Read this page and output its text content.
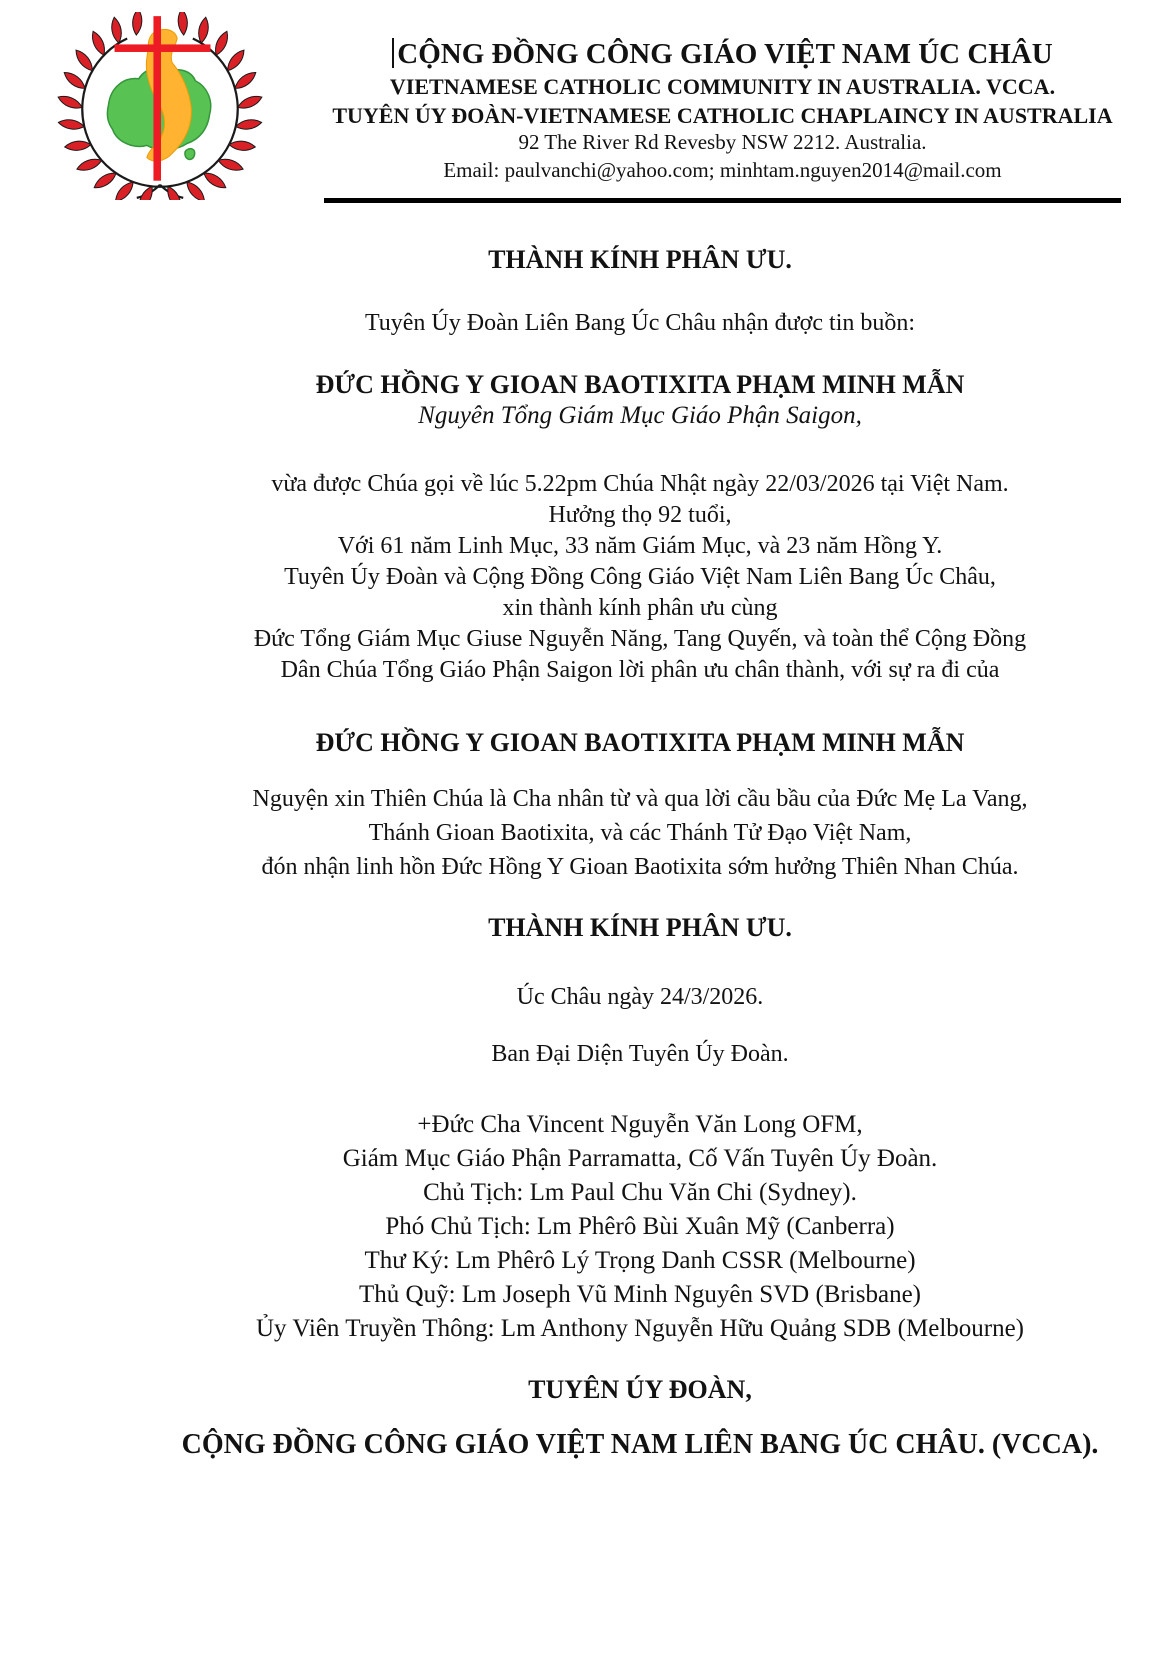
CỘNG ĐỒNG CÔNG GIÁO VIỆT NAM ÚC CHÂU
VIETNAMESE CATHOLIC COMMUNITY IN AUSTRALIA. VCCA.
TUYÊN ÚY ĐOÀN-VIETNAMESE CATHOLIC CHAPLAINCY IN AUSTRALIA
92 The River Rd Revesby NSW 2212. Australia.
Email: paulvanchi@yahoo.com; minhtam.nguyen2014@mail.com

THÀNH KÍNH PHÂN ƯU.

Tuyên Úy Đoàn Liên Bang Úc Châu nhận được tin buồn:

ĐỨC HỒNG Y GIOAN BAOTIXITA PHẠM MINH MẪN

Nguyên Tổng Giám Mục Giáo Phận Saigon,

vừa được Chúa gọi về lúc 5.22pm Chúa Nhật ngày 22/03/2026 tại Việt Nam.

Hưởng thọ 92 tuổi,

Với 61 năm Linh Mục, 33 năm Giám Mục, và 23 năm Hồng Y.

Tuyên Úy Đoàn và Cộng Đồng Công Giáo Việt Nam Liên Bang Úc Châu,

xin thành kính phân ưu cùng

Đức Tổng Giám Mục Giuse Nguyễn Năng, Tang Quyến, và toàn thể Cộng Đồng

Dân Chúa Tổng Giáo Phận Saigon lời phân ưu chân thành, với sự ra đi của

ĐỨC HỒNG Y GIOAN BAOTIXITA PHẠM MINH MẪN

Nguyện xin Thiên Chúa là Cha nhân từ và qua lời cầu bầu của Đức Mẹ La Vang,

Thánh Gioan Baotixita, và các Thánh Tử Đạo Việt Nam,

đón nhận linh hồn Đức Hồng Y Gioan Baotixita sớm hưởng Thiên Nhan Chúa.

THÀNH KÍNH PHÂN ƯU.

Úc Châu ngày 24/3/2026.

Ban Đại Diện Tuyên Úy Đoàn.

+Đức Cha Vincent Nguyễn Văn Long OFM,

Giám Mục Giáo Phận Parramatta, Cố Vấn Tuyên Úy Đoàn.

Chủ Tịch: Lm Paul Chu Văn Chi (Sydney).

Phó Chủ Tịch: Lm Phêrô Bùi Xuân Mỹ (Canberra)

Thư Ký: Lm Phêrô Lý Trọng Danh CSSR (Melbourne)

Thủ Quỹ: Lm Joseph Vũ Minh Nguyên SVD (Brisbane)

Ủy Viên Truyền Thông: Lm Anthony Nguyễn Hữu Quảng SDB (Melbourne)

TUYÊN ÚY ĐOÀN,

CỘNG ĐỒNG CÔNG GIÁO VIỆT NAM LIÊN BANG ÚC CHÂU. (VCCA).
